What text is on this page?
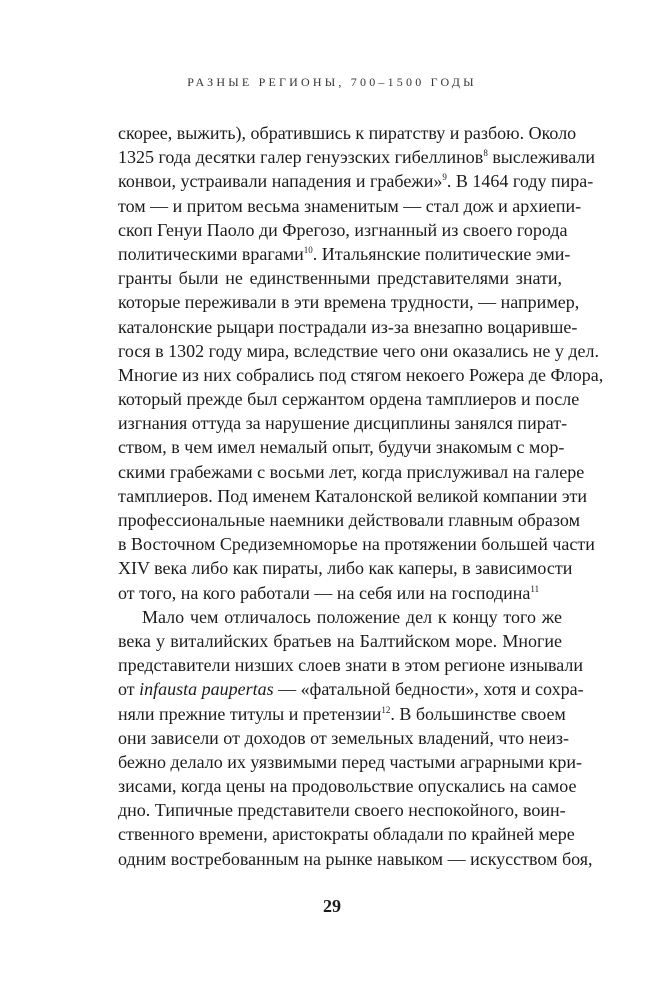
РАЗНЫЕ РЕГИОНЫ, 700–1500 ГОДЫ
скорее, выжить), обратившись к пиратству и разбою. Около
1325 года десятки галер генуэзских гибеллинов$^8$ выслеживали
конвои, устраивали нападения и грабежи»$^9$. В 1464 году пира-
том — и притом весьма знаменитым — стал дож и архиепи-
скоп Генуи Паоло ди Фрегозо, изгнанный из своего города
политическими врагами$^{10}$. Итальянские политические эми-
гранты были не единственными представителями знати,
которые переживали в эти времена трудности, — например,
каталонские рыцари пострадали из-за внезапно воцарившe-
гося в 1302 году мира, вследствие чего они оказались не у дел.
Многие из них собрались под стягом некоего Рожера де Флора,
который прежде был сержантом ордена тамплиеров и после
изгнания оттуда за нарушение дисциплины занялся пират-
ством, в чем имел немалый опыт, будучи знакомым с мор-
скими грабежами с восьми лет, когда прислуживал на галере
тамплиеров. Под именем Каталонской великой компании эти
профессиональные наемники действовали главным образом
в Восточном Средиземноморье на протяжении большей части
XIV века либо как пираты, либо как каперы, в зависимости
от того, на кого работали — на себя или на господина$^{11}$
Мало чем отличалось положение дел к концу того же
века у виталийских братьев на Балтийском море. Многие
представители низших слоев знати в этом регионе изнывали
от infausta paupertas — «фатальной бедности», хотя и сохра-
няли прежние титулы и претензии$^{12}$. В большинстве своем
они зависели от доходов от земельных владений, что неиз-
бежно делало их уязвимыми перед частыми аграрными кри-
зисами, когда цены на продовольствие опускались на самое
дно. Типичные представители своего неспокойного, воин-
ственного времени, аристократы обладали по крайней мере
одним востребованным на рынке навыком — искусством боя,
29
